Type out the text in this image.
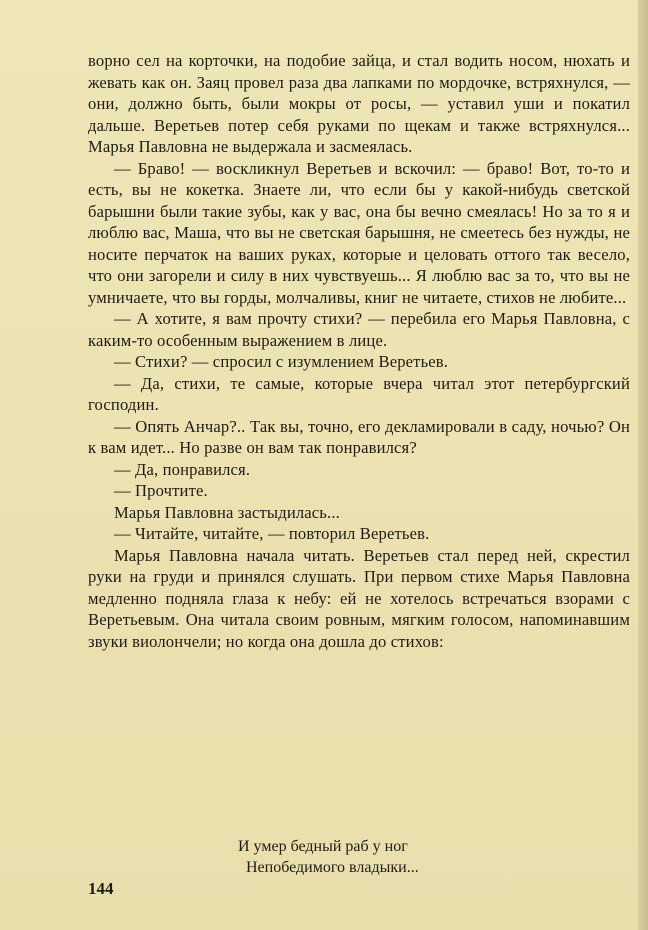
ворно сел на корточки, на подобие зайца, и стал водить носом, нюхать и жевать как он. Заяц провел раза два лапками по мордочке, встряхнулся, — они, должно быть, были мокры от росы, — уставил уши и покатил дальше. Веретьев потер себя руками по щекам и также встряхнулся... Марья Павловна не выдержала и засмеялась.

— Браво! — воскликнул Веретьев и вскочил: — браво! Вот, то-то и есть, вы не кокетка. Знаете ли, что если бы у какой-нибудь светской барышни были такие зубы, как у вас, она бы вечно смеялась! Но за то я и люблю вас, Маша, что вы не светская барышня, не смеетесь без нужды, не носите перчаток на ваших руках, которые и целовать оттого так весело, что они загорели и силу в них чувствуешь... Я люблю вас за то, что вы не умничаете, что вы горды, молчаливы, книг не читаете, стихов не любите...

— А хотите, я вам прочту стихи? — перебила его Марья Павловна, с каким-то особенным выражением в лице.

— Стихи? — спросил с изумлением Веретьев.

— Да, стихи, те самые, которые вчера читал этот петербургский господин.

— Опять Анчар?.. Так вы, точно, его декламировали в саду, ночью? Он к вам идет... Но разве он вам так понравился?

— Да, понравился.

— Прочтите.

Марья Павловна застыдилась...

— Читайте, читайте, — повторил Веретьев.

Марья Павловна начала читать. Веретьев стал перед ней, скрестил руки на груди и принялся слушать. При первом стихе Марья Павловна медленно подняла глаза к небу: ей не хотелось встречаться взорами с Веретьевым. Она читала своим ровным, мягким голосом, напоминавшим звуки виолончели; но когда она дошла до стихов:

И умер бедный раб у ног
Непобедимого владыки...
144
